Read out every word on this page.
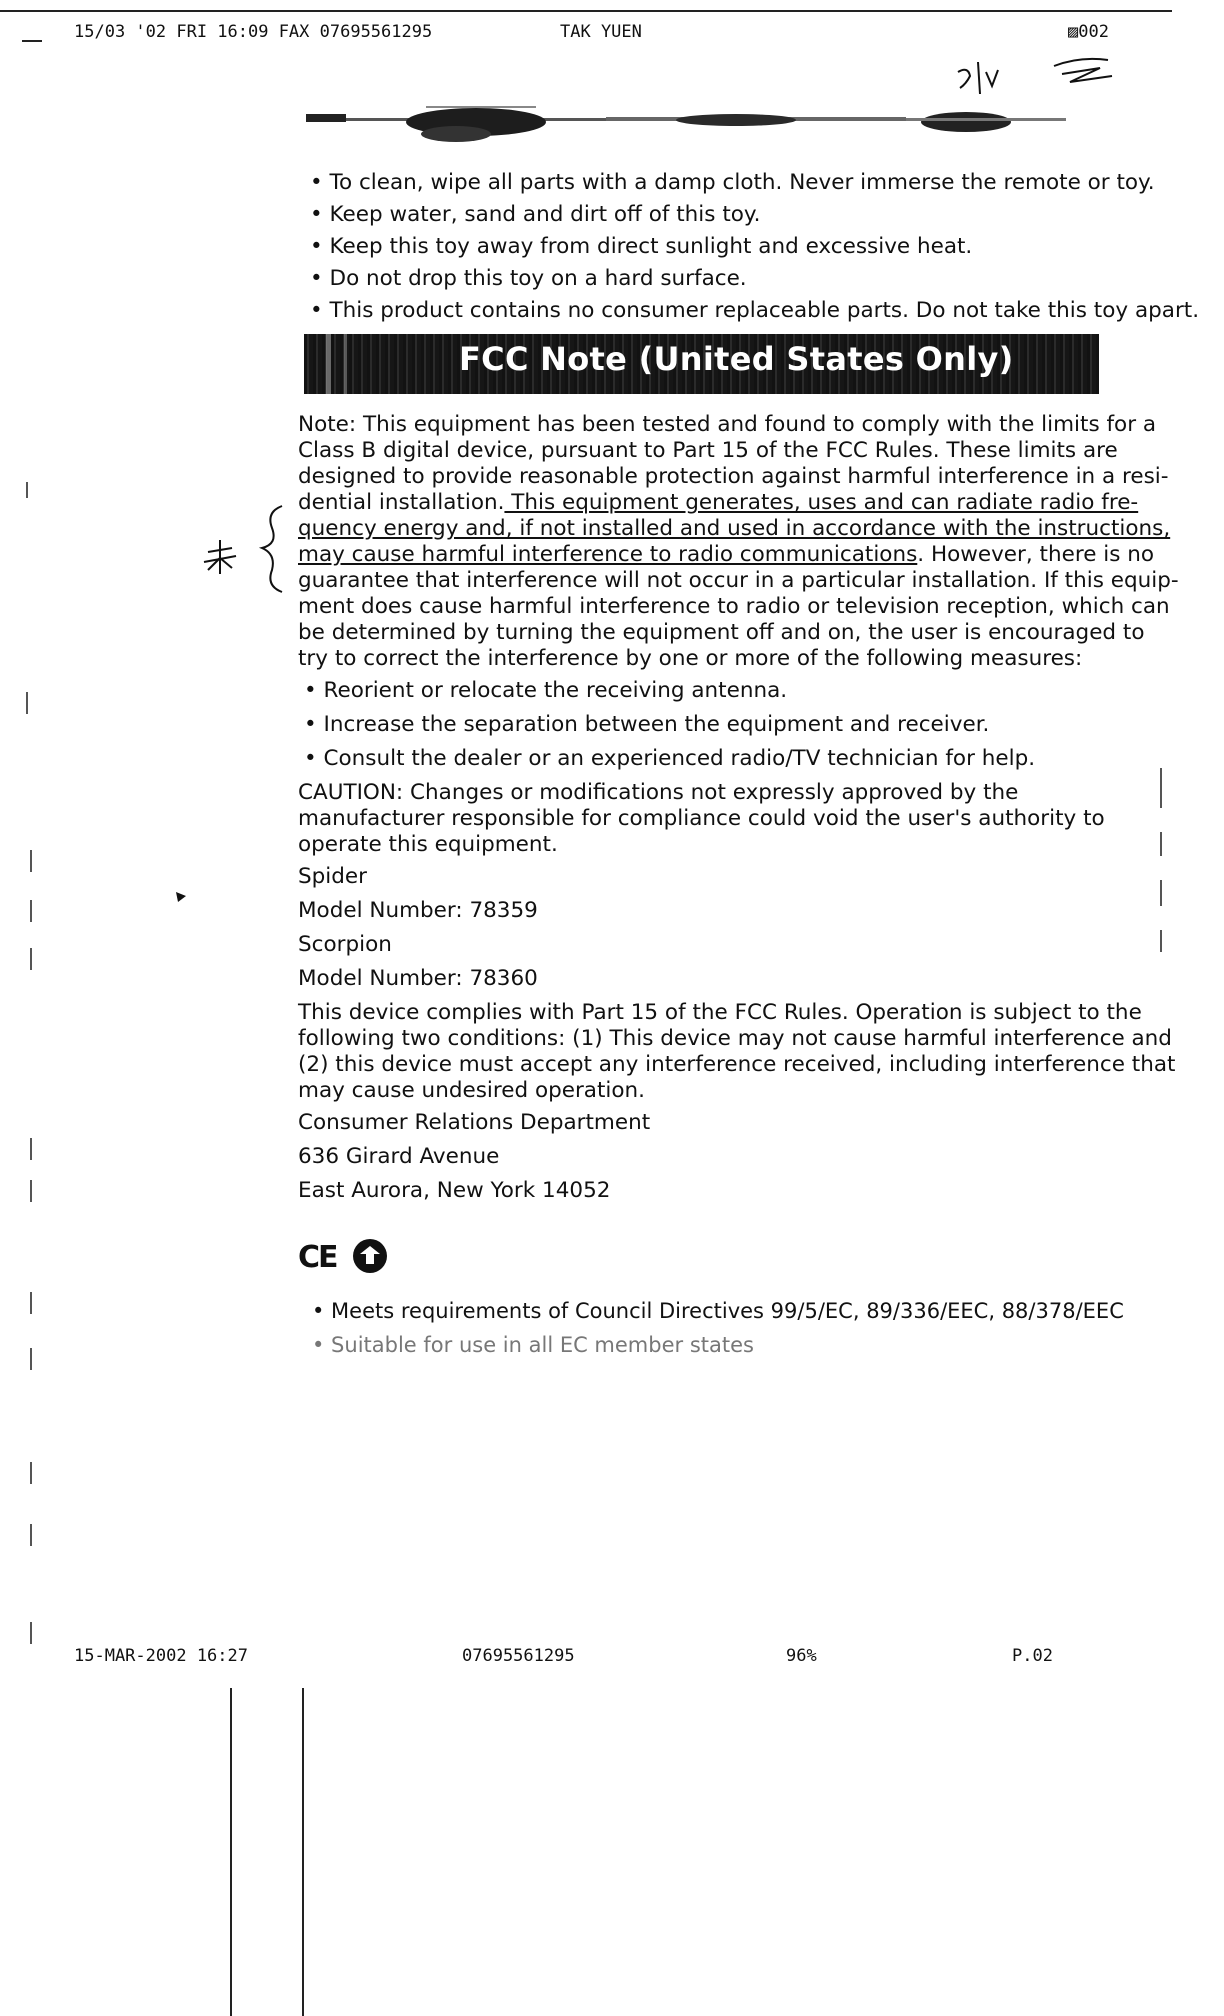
15/03 '02 FRI 16:09 FAX 07695561295	TAK YUEN	▨002

• To clean, wipe all parts with a damp cloth. Never immerse the remote or toy.

• Keep water, sand and dirt off of this toy.

• Keep this toy away from direct sunlight and excessive heat.

• Do not drop this toy on a hard surface.

• This product contains no consumer replaceable parts. Do not take this toy apart.

FCC Note (United States Only)
Note: This equipment has been tested and found to comply with the limits for a
Class B digital device, pursuant to Part 15 of the FCC Rules. These limits are
designed to provide reasonable protection against harmful interference in a resi-
dential installation. This equipment generates, uses and can radiate radio fre-
quency energy and, if not installed and used in accordance with the instructions,
may cause harmful interference to radio communications. However, there is no
guarantee that interference will not occur in a particular installation. If this equip-
ment does cause harmful interference to radio or television reception, which can
be determined by turning the equipment off and on, the user is encouraged to
try to correct the interference by one or more of the following measures:
• Reorient or relocate the receiving antenna.
• Increase the separation between the equipment and receiver.
• Consult the dealer or an experienced radio/TV technician for help.
CAUTION: Changes or modifications not expressly approved by the
manufacturer responsible for compliance could void the user's authority to
operate this equipment.
Spider
Model Number: 78359
Scorpion
Model Number: 78360
This device complies with Part 15 of the FCC Rules. Operation is subject to the
following two conditions: (1) This device may not cause harmful interference and
(2) this device must accept any interference received, including interference that
may cause undesired operation.
Consumer Relations Department
636 Girard Avenue
East Aurora, New York 14052
CE

• Meets requirements of Council Directives 99/5/EC, 89/336/EEC, 88/378/EEC

• Suitable for use in all EC member states

15-MAR-2002 16:27	07695561295	96%	P.02
